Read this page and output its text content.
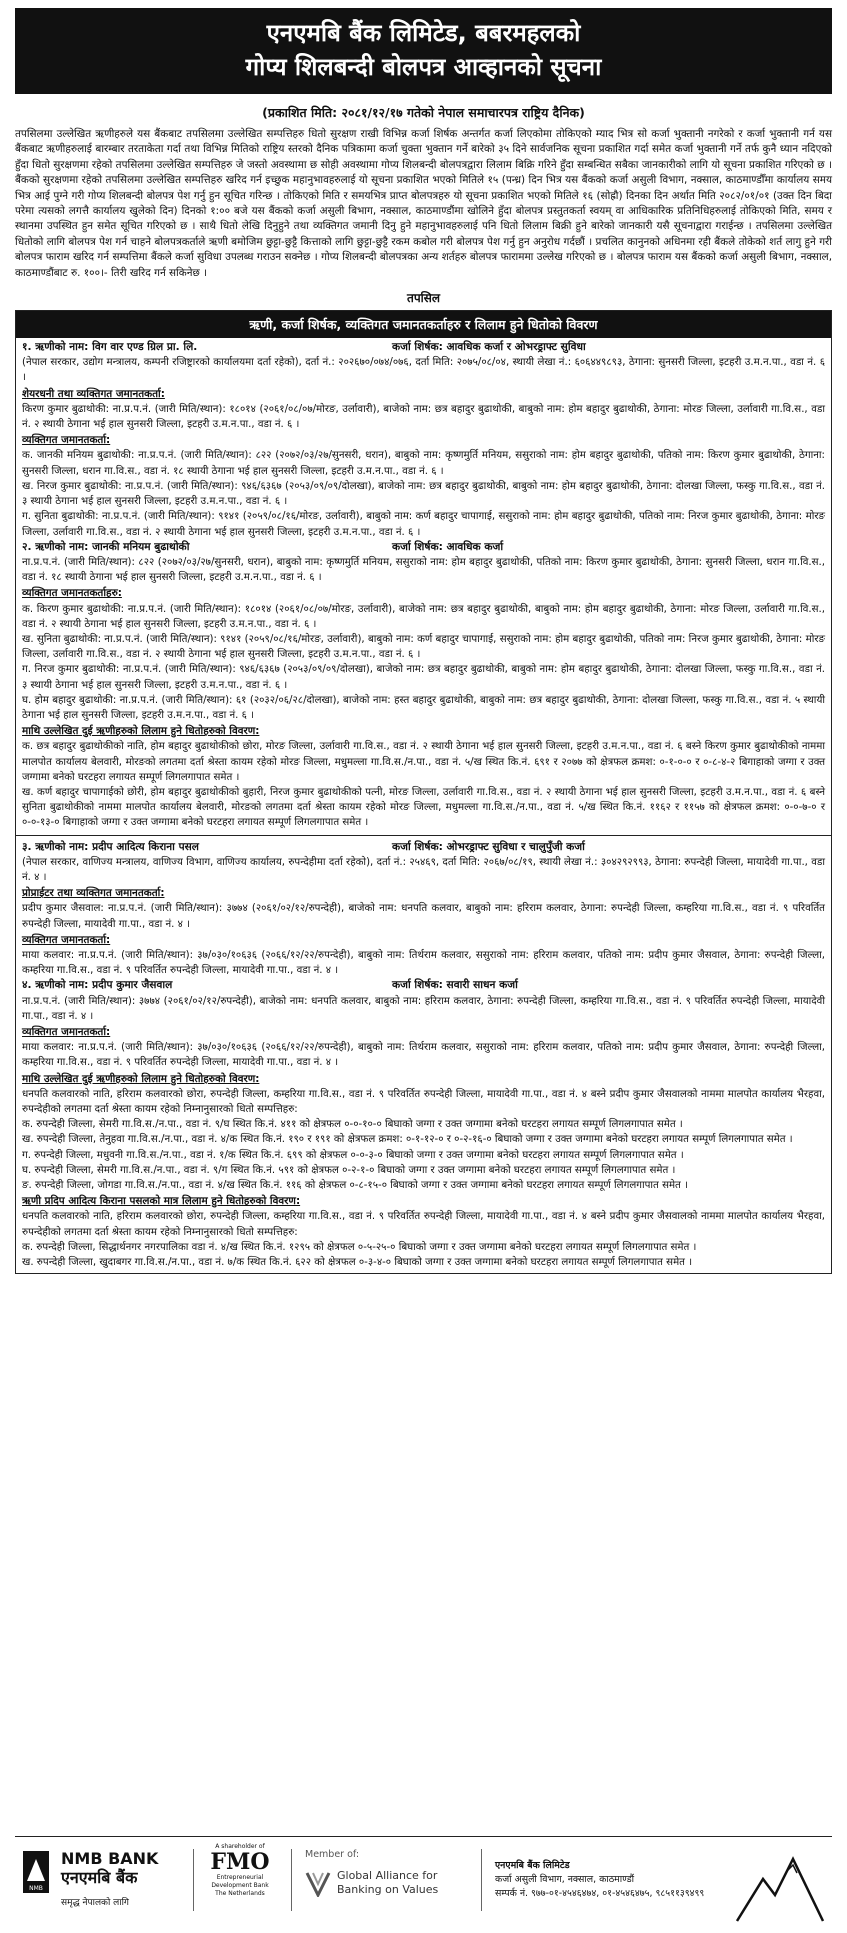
एनएमबि बैंक लिमिटेड, बबरमहलको
गोप्य शिलबन्दी बोलपत्र आव्हानको सूचना
(प्रकाशित मिति: २०८१/१२/१७ गतेको नेपाल समाचारपत्र राष्ट्रिय दैनिक)

तपसिलमा उल्लेखित ऋणीहरुले यस बैंकबाट तपसिलमा उल्लेखित सम्पत्तिहरु धितो सुरक्षण राखी विभिन्न कर्जा शिर्षक अन्तर्गत कर्जा लिएकोमा तोकिएको म्याद भित्र सो कर्जा भुक्तानी नगरेको र कर्जा भुक्तानी गर्न यस बैंकबाट ऋणीहरुलाई बारम्बार तरताकेता गर्दा तथा विभिन्न मितिको राष्ट्रिय स्तरको दैनिक पत्रिकामा कर्जा चुक्ता भुक्तान गर्ने बारेको ३५ दिने सार्वजनिक सूचना प्रकाशित गर्दा समेत कर्जा भुक्तानी गर्ने तर्फ कुनै ध्यान नदिएको हुँदा धितो सुरक्षणमा रहेको तपसिलमा उल्लेखित सम्पत्तिहरु जे जस्तो अवस्थामा छ सोही अवस्थामा गोप्य शिलबन्दी बोलपत्रद्वारा लिलाम बिक्रि गरिने हुँदा सम्बन्धित सबैका जानकारीको लागि यो सूचना प्रकाशित गरिएको छ । बैंकको सुरक्षणमा रहेको तपसिलमा उल्लेखित सम्पत्तिहरु खरिद गर्न इच्छुक महानुभावहरुलाई यो सूचना प्रकाशित भएको मितिले १५ (पन्ध्र) दिन भित्र यस बैंकको कर्जा असुली विभाग, नक्साल, काठमाण्डौँमा कार्यालय समय भित्र आई पुग्ने गरी गोप्य शिलबन्दी बोलपत्र पेश गर्नु हुन सूचित गरिन्छ । तोकिएको मिति र समयभित्र प्राप्त बोलपत्रहरु यो सूचना प्रकाशित भएको मितिले १६ (सोह्रौ) दिनका दिन अर्थात मिति २०८२/०१/०१ (उक्त दिन बिदा परेमा त्यसको लगत्तै कार्यालय खुलेको दिन) दिनको १:०० बजे यस बैंकको कर्जा असुली बिभाग, नक्साल, काठमाण्डौंमा खोलिने हुँदा बोलपत्र प्रस्तुतकर्ता स्वयम् वा आधिकारिक प्रतिनिधिहरुलाई तोकिएको मिति, समय र स्थानमा उपस्थित हुन समेत सूचित गरिएको छ । साथै धितो लेखि दिनुहुने तथा व्यक्तिगत जमानी दिनु हुने महानुभावहरुलाई पनि धितो लिलाम बिक्री हुने बारेको जानकारी यसै सूचनाद्वारा गराईन्छ । तपसिलमा उल्लेखित धितोको लागि बोलपत्र पेश गर्न चाहने बोलपत्रकर्ताले ऋणी बमोजिम छुट्टा-छुट्टै कित्ताको लागि छुट्टा-छुट्टै रकम कबोल गरी बोलपत्र पेश गर्नु हुन अनुरोध गर्दछौं । प्रचलित कानुनको अधिनमा रही बैंकले तोकेको शर्त लागु हुने गरी बोलपत्र फाराम खरिद गर्न सम्पत्तिमा बैंकले कर्जा सुविधा उपलब्ध गराउन सक्नेछ । गोप्य शिलबन्दी बोलपत्रका अन्य शर्तहरु बोलपत्र फाराममा उल्लेख गरिएको छ । बोलपत्र फाराम यस बैंकको कर्जा असुली बिभाग, नक्साल, काठमाण्डौंबाट रु. १००।- तिरी खरिद गर्न सकिनेछ ।

तपसिल
ऋणी, कर्जा शिर्षक, व्यक्तिगत जमानतकर्ताहरु र लिलाम हुने धितोको विवरण
१. ऋणीको नाम: विग वार एण्ड ग्रिल प्रा. लि.	कर्जा शिर्षक: आवधिक कर्जा र ओभरड्राफ्ट सुविधा

(नेपाल सरकार, उद्योग मन्त्रालय, कम्पनी रजिष्ट्रारको कार्यालयमा दर्ता रहेको), दर्ता नं.: २०२६७०/०७४/०७६, दर्ता मिति: २०७५/०८/०४, स्थायी लेखा नं.: ६०६४४९८९३, ठेगाना: सुनसरी जिल्ला, इटहरी उ.म.न.पा., वडा नं. ६ ।

शेयरधनी तथा व्यक्तिगत जमानतकर्ता:

किरण कुमार बुढाथोकी: ना.प्र.प.नं. (जारी मिति/स्थान): १८०१४ (२०६१/०८/०७/मोरङ, उर्लावारी), बाजेको नाम: छत्र बहादुर बुढाथोकी, बाबुको नाम: होम बहादुर बुढाथोकी, ठेगाना: मोरङ जिल्ला, उर्लावारी गा.वि.स., वडा नं. २ स्थायी ठेगाना भई हाल सुनसरी जिल्ला, इटहरी उ.म.न.पा., वडा नं. ६ ।

व्यक्तिगत जमानतकर्ता:

क. जानकी मनियम बुढाथोकी: ना.प्र.प.नं. (जारी मिति/स्थान): ८२२ (२०७२/०३/२७/सुनसरी, धरान), बाबुको नाम: कृष्णमुर्ति मनियम, ससुराको नाम: होम बहादुर बुढाथोकी, पतिको नाम: किरण कुमार बुढाथोकी, ठेगाना: सुनसरी जिल्ला, धरान गा.वि.स., वडा नं. १८ स्थायी ठेगाना भई हाल सुनसरी जिल्ला, इटहरी उ.म.न.पा., वडा नं. ६ ।

ख. निरज कुमार बुढाथोकी: ना.प्र.प.नं. (जारी मिति/स्थान): ९४६/६३६७ (२०५३/०९/०९/दोलखा), बाजेको नाम: छत्र बहादुर बुढाथोकी, बाबुको नाम: होम बहादुर बुढाथोकी, ठेगाना: दोलखा जिल्ला, फस्कु गा.वि.स., वडा नं. ३ स्थायी ठेगाना भई हाल सुनसरी जिल्ला, इटहरी उ.म.न.पा., वडा नं. ६ ।

ग. सुनिता बुढाथोकी: ना.प्र.प.नं. (जारी मिति/स्थान): ९१४१ (२०५९/०८/१६/मोरङ, उर्लावारी), बाबुको नाम: कर्ण बहादुर चापागाई, ससुराको नाम: होम बहादुर बुढाथोकी, पतिको नाम: निरज कुमार बुढाथोकी, ठेगाना: मोरङ जिल्ला, उर्लावारी गा.वि.स., वडा नं. २ स्थायी ठेगाना भई हाल सुनसरी जिल्ला, इटहरी उ.म.न.पा., वडा नं. ६ ।

२. ऋणीको नाम: जानकी मनियम बुढाथोकी	कर्जा शिर्षक: आवधिक कर्जा

ना.प्र.प.नं. (जारी मिति/स्थान): ८२२ (२०७२/०३/२७/सुनसरी, धरान), बाबुको नाम: कृष्णमुर्ति मनियम, ससुराको नाम: होम बहादुर बुढाथोकी, पतिको नाम: किरण कुमार बुढाथोकी, ठेगाना: सुनसरी जिल्ला, धरान गा.वि.स., वडा नं. १८ स्थायी ठेगाना भई हाल सुनसरी जिल्ला, इटहरी उ.म.न.पा., वडा नं. ६ ।

व्यक्तिगत जमानतकर्ताहरु:

क. किरण कुमार बुढाथोकी: ना.प्र.प.नं. (जारी मिति/स्थान): १८०१४ (२०६१/०८/०७/मोरङ, उर्लावारी), बाजेको नाम: छत्र बहादुर बुढाथोकी, बाबुको नाम: होम बहादुर बुढाथोकी, ठेगाना: मोरङ जिल्ला, उर्लावारी गा.वि.स., वडा नं. २ स्थायी ठेगाना भई हाल सुनसरी जिल्ला, इटहरी उ.म.न.पा., वडा नं. ६ ।

ख. सुनिता बुढाथोकी: ना.प्र.प.नं. (जारी मिति/स्थान): ९१४१ (२०५९/०८/१६/मोरङ, उर्लावारी), बाबुको नाम: कर्ण बहादुर चापागाई, ससुराको नाम: होम बहादुर बुढाथोकी, पतिको नाम: निरज कुमार बुढाथोकी, ठेगाना: मोरङ जिल्ला, उर्लावारी गा.वि.स., वडा नं. २ स्थायी ठेगाना भई हाल सुनसरी जिल्ला, इटहरी उ.म.न.पा., वडा नं. ६ ।

ग. निरज कुमार बुढाथोकी: ना.प्र.प.नं. (जारी मिति/स्थान): ९४६/६३६७ (२०५३/०९/०९/दोलखा), बाजेको नाम: छत्र बहादुर बुढाथोकी, बाबुको नाम: होम बहादुर बुढाथोकी, ठेगाना: दोलखा जिल्ला, फस्कु गा.वि.स., वडा नं. ३ स्थायी ठेगाना भई हाल सुनसरी जिल्ला, इटहरी उ.म.न.पा., वडा नं. ६ ।

घ. होम बहादुर बुढाथोकी: ना.प्र.प.नं. (जारी मिति/स्थान): ६१ (२०३२/०६/२८/दोलखा), बाजेको नाम: हस्त बहादुर बुढाथोकी, बाबुको नाम: छत्र बहादुर बुढाथोकी, ठेगाना: दोलखा जिल्ला, फस्कु गा.वि.स., वडा नं. ५ स्थायी ठेगाना भई हाल सुनसरी जिल्ला, इटहरी उ.म.न.पा., वडा नं. ६ ।

माथि उल्लेखित दुई ऋणीहरुको लिलाम हुने धितोहरुको विवरण:

क. छत्र बहादुर बुढाथोकीको नाति, होम बहादुर बुढाथोकीको छोरा, मोरङ जिल्ला, उर्लावारी गा.वि.स., वडा नं. २ स्थायी ठेगाना भई हाल सुनसरी जिल्ला, इटहरी उ.म.न.पा., वडा नं. ६ बस्ने किरण कुमार बुढाथोकीको नाममा मालपोत कार्यालय बेलवारी, मोरङको लगतमा दर्ता श्रेस्ता कायम रहेको मोरङ जिल्ला, मधुमल्ला गा.वि.स./न.पा., वडा नं. ५/ख स्थित कि.नं. ६९१ र २०७७ को क्षेत्रफल क्रमश: ०-१-०-० र ०-८-४-२ बिगाहाको जग्गा र उक्त जग्गामा बनेको घरटहरा लगायत सम्पूर्ण लिगलगापात समेत ।

ख. कर्ण बहादुर चापागाईको छोरी, होम बहादुर बुढाथोकीको बुहारी, निरज कुमार बुढाथोकीको पत्नी, मोरङ जिल्ला, उर्लावारी गा.वि.स., वडा नं. २ स्थायी ठेगाना भई हाल सुनसरी जिल्ला, इटहरी उ.म.न.पा., वडा नं. ६ बस्ने सुनिता बुढाथोकीको नाममा मालपोत कार्यालय बेलवारी, मोरङको लगतमा दर्ता श्रेस्ता कायम रहेको मोरङ जिल्ला, मधुमल्ला गा.वि.स./न.पा., वडा नं. ५/ख स्थित कि.नं. ११६२ र ११५७ को क्षेत्रफल क्रमश: ०-०-७-० र ०-०-१३-० बिगाहाको जग्गा र उक्त जग्गामा बनेको घरटहरा लगायत सम्पूर्ण लिगलगापात समेत ।

३. ऋणीको नाम: प्रदीप आदित्य किराना पसल	कर्जा शिर्षक: ओभरड्राफ्ट सुविधा र चालुपुँजी कर्जा

(नेपाल सरकार, वाणिज्य मन्त्रालय, वाणिज्य विभाग, वाणिज्य कार्यालय, रुपन्देहीमा दर्ता रहेको), दर्ता नं.: २५४६९, दर्ता मिति: २०६७/०८/१९, स्थायी लेखा नं.: ३०४२९२९९३, ठेगाना: रुपन्देही जिल्ला, मायादेवी गा.पा., वडा नं. ४ ।

प्रोप्राईटर तथा व्यक्तिगत जमानतकर्ता:

प्रदीप कुमार जैसवाल: ना.प्र.प.नं. (जारी मिति/स्थान): ३७७४ (२०६१/०२/१२/रुपन्देही), बाजेको नाम: धनपति कलवार, बाबुको नाम: हरिराम कलवार, ठेगाना: रुपन्देही जिल्ला, कम्हरिया गा.वि.स., वडा नं. ९ परिवर्तित रुपन्देही जिल्ला, मायादेवी गा.पा., वडा नं. ४ ।

व्यक्तिगत जमानतकर्ता:

माया कलवार: ना.प्र.प.नं. (जारी मिति/स्थान): ३७/०३०/१०६३६ (२०६६/१२/२२/रुपन्देही), बाबुको नाम: तिर्थराम कलवार, ससुराको नाम: हरिराम कलवार, पतिको नाम: प्रदीप कुमार जैसवाल, ठेगाना: रुपन्देही जिल्ला, कम्हरिया गा.वि.स., वडा नं. ९ परिवर्तित रुपन्देही जिल्ला, मायादेवी गा.पा., वडा नं. ४ ।

४. ऋणीको नाम: प्रदीप कुमार जैसवाल	कर्जा शिर्षक: सवारी साधन कर्जा

ना.प्र.प.नं. (जारी मिति/स्थान): ३७७४ (२०६१/०२/१२/रुपन्देही), बाजेको नाम: धनपति कलवार, बाबुको नाम: हरिराम कलवार, ठेगाना: रुपन्देही जिल्ला, कम्हरिया गा.वि.स., वडा नं. ९ परिवर्तित रुपन्देही जिल्ला, मायादेवी गा.पा., वडा नं. ४ ।

व्यक्तिगत जमानतकर्ता:

माया कलवार: ना.प्र.प.नं. (जारी मिति/स्थान): ३७/०३०/१०६३६ (२०६६/१२/२२/रुपन्देही), बाबुको नाम: तिर्थराम कलवार, ससुराको नाम: हरिराम कलवार, पतिको नाम: प्रदीप कुमार जैसवाल, ठेगाना: रुपन्देही जिल्ला, कम्हरिया गा.वि.स., वडा नं. ९ परिवर्तित रुपन्देही जिल्ला, मायादेवी गा.पा., वडा नं. ४ ।

माथि उल्लेखित दुई ऋणीहरुको लिलाम हुने धितोहरुको विवरण:

धनपति कलवारको नाति, हरिराम कलवारको छोरा, रुपन्देही जिल्ला, कम्हरिया गा.वि.स., वडा नं. ९ परिवर्तित रुपन्देही जिल्ला, मायादेवी गा.पा., वडा नं. ४ बस्ने प्रदीप कुमार जैसवालको नाममा मालपोत कार्यालय भैरहवा, रुपन्देहीको लगतमा दर्ता श्रेस्ता कायम रहेको निम्नानुसारको धितो सम्पत्तिहरु:

क. रुपन्देही जिल्ला, सेमरी गा.वि.स./न.पा., वडा नं. ९/घ स्थित कि.नं. ४११ को क्षेत्रफल ०-०-१०-० बिघाको जग्गा र उक्त जग्गामा बनेको घरटहरा लगायत सम्पूर्ण लिगलगापात समेत ।

ख. रुपन्देही जिल्ला, तेनुहवा गा.वि.स./न.पा., वडा नं. ४/क स्थित कि.नं. १९० र १९१ को क्षेत्रफल क्रमश: ०-१-१२-० र ०-२-१६-० बिघाको जग्गा र उक्त जग्गामा बनेको घरटहरा लगायत सम्पूर्ण लिगलगापात समेत ।

ग. रुपन्देही जिल्ला, मधुवनी गा.वि.स./न.पा., वडा नं. १/क स्थित कि.नं. ६९९ को क्षेत्रफल ०-०-३-० बिघाको जग्गा र उक्त जग्गामा बनेको घरटहरा लगायत सम्पूर्ण लिगलगापात समेत ।

घ. रुपन्देही जिल्ला, सेमरी गा.वि.स./न.पा., वडा नं. ९/ग स्थित कि.नं. ५९१ को क्षेत्रफल ०-२-१-० बिघाको जग्गा र उक्त जग्गामा बनेको घरटहरा लगायत सम्पूर्ण लिगलगापात समेत ।

ङ. रुपन्देही जिल्ला, जोगडा गा.वि.स./न.पा., वडा नं. ४/ख स्थित कि.नं. ११६ को क्षेत्रफल ०-८-१५-० बिघाको जग्गा र उक्त जग्गामा बनेको घरटहरा लगायत सम्पूर्ण लिगलगापात समेत ।

ऋणी प्रदिप आदित्य किराना पसलको मात्र लिलाम हुने धितोहरुको विवरण:

धनपति कलवारको नाति, हरिराम कलवारको छोरा, रुपन्देही जिल्ला, कम्हरिया गा.वि.स., वडा नं. ९ परिवर्तित रुपन्देही जिल्ला, मायादेवी गा.पा., वडा नं. ४ बस्ने प्रदीप कुमार जैसवालको नाममा मालपोत कार्यालय भैरहवा, रुपन्देहीको लगतमा दर्ता श्रेस्ता कायम रहेको निम्नानुसारको धितो सम्पत्तिहरु:

क. रुपन्देही जिल्ला, सिद्धार्थनगर नगरपालिका वडा नं. ४/ख स्थित कि.नं. १२९५ को क्षेत्रफल ०-५-२५-० बिघाको जग्गा र उक्त जग्गामा बनेको घरटहरा लगायत सम्पूर्ण लिगलगापात समेत ।

ख. रुपन्देही जिल्ला, खुदाबगर गा.वि.स./न.पा., वडा नं. ७/क स्थित कि.नं. ६२२ को क्षेत्रफल ०-३-४-० बिघाको जग्गा र उक्त जग्गामा बनेको घरटहरा लगायत सम्पूर्ण लिगलगापात समेत ।

NMB
NMB BANK
एनएमबि बैंक
समृद्ध नेपालको लागि
A shareholder of
FMO
Entrepreneurial Development Bank
The Netherlands
Member of:
Global Alliance for
Banking on Values
एनएमबि बैंक लिमिटेड
कर्जा असुली विभाग, नक्साल, काठमाण्डौं
सम्पर्क नं. ९७७-०१-४५४६४७४, ०१-४५४६४७५, ९८५११३९४९९
